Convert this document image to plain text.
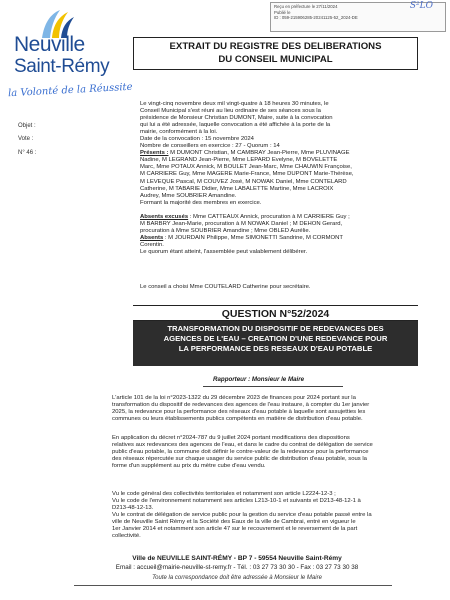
Reçu en préfecture le 27/11/2024
Publié le
ID : 059-215906285-20241125-52_2024-DE
S²LO
Neuville
Saint-Rémy
la Volonté de la Réussite
EXTRAIT DU REGISTRE DES DELIBERATIONS
DU CONSEIL MUNICIPAL
Objet :
Vote :
N° 46 :

Le vingt-cinq novembre deux mil vingt-quatre à 18 heures 30 minutes, le

Conseil Municipal s'est réuni au lieu ordinaire de ses séances sous la

présidence de Monsieur Christian DUMONT, Maire, suite à la convocation

qui lui a été adressée, laquelle convocation a été affichée à la porte de la

mairie, conformément à la loi.

Date de la convocation : 15 novembre 2024

Nombre de conseillers en exercice : 27 - Quorum : 14

Présents : M DUMONT Christian, M CAMBRAY Jean-Pierre, Mme PLUVINAGE

Nadine, M LEGRAND Jean-Pierre, Mme LEPARD Evelyne, M BOVELETTE

Marc, Mme POTAUX Annick, M BOULET Jean-Marc, Mme CHAUWIN Françoise,

M CARRIERE Guy, Mme MAGERE Marie-France, Mme DUPONT Marie-Thérèse,

M LEVEQUE Pascal, M COUVEZ José, M NOWAK Daniel, Mme CONTELARD

Catherine, M TABARIE Didier, Mme LABALETTE Martine, Mme LACROIX

Audrey, Mme SOUBRIER Amandine.

Formant la majorité des membres en exercice.

Absents excusés : Mme CATTEAUX Annick, procuration à M CARRIERE Guy ;

M BARBRY Jean-Marie, procuration à M NOWAK Daniel ; M DEHON Gerard,

procuration à Mme SOUBRIER Amandine ; Mme OBLED Aurélie.

Absents : M JOURDAIN Philippe, Mme SIMONETTI Sandrine, M CORMONT

Corentin.

Le quorum étant atteint, l'assemblée peut valablement délibérer.

Le conseil a choisi Mme COUTELARD Catherine pour secrétaire.
QUESTION N°52/2024
TRANSFORMATION DU DISPOSITIF DE REDEVANCES DES
AGENCES DE L'EAU – CREATION D'UNE REDEVANCE POUR
LA PERFORMANCE DES RESEAUX D'EAU POTABLE
Rapporteur : Monsieur le Maire

L'article 101 de la loi n°2023-1322 du 29 décembre 2023 de finances pour 2024 portant sur la

transformation du dispositif de redevances des agences de l'eau instaure, à compter du 1er janvier

2025, la redevance pour la performance des réseaux d'eau potable à laquelle sont assujetties les

communes ou leurs établissements publics compétents en matière de distribution d'eau potable.

En application du décret n°2024-787 du 9 juillet 2024 portant modifications des dispositions

relatives aux redevances des agences de l'eau, et dans le cadre du contrat de délégation de service

public d'eau potable, la commune doit définir le contre-valeur de la redevance pour la performance

des réseaux répercutée sur chaque usager du service public de distribution d'eau potable, sous la

forme d'un supplément au prix du mètre cube d'eau vendu.

Vu le code général des collectivités territoriales et notamment son article L2224-12-3 ;

Vu le code de l'environnement notamment ses articles L213-10-1 et suivants et D213-48-12-1 à

D213-48-12-13.

Vu le contrat de délégation de service public pour la gestion du service d'eau potable passé entre la

ville de Neuville Saint Rémy et la Société des Eaux de la ville de Cambrai, entré en vigueur le

1er Janvier 2014 et notamment son article 47 sur le recouvrement et le reversement de la part

collectivité.

Ville de NEUVILLE SAINT-RÉMY - BP 7 - 59554 Neuville Saint-Rémy
Email : accueil@mairie-neuville-st-remy.fr - Tél. : 03 27 73 30 30 - Fax : 03 27 73 30 38
Toute la correspondance doit être adressée à Monsieur le Maire
